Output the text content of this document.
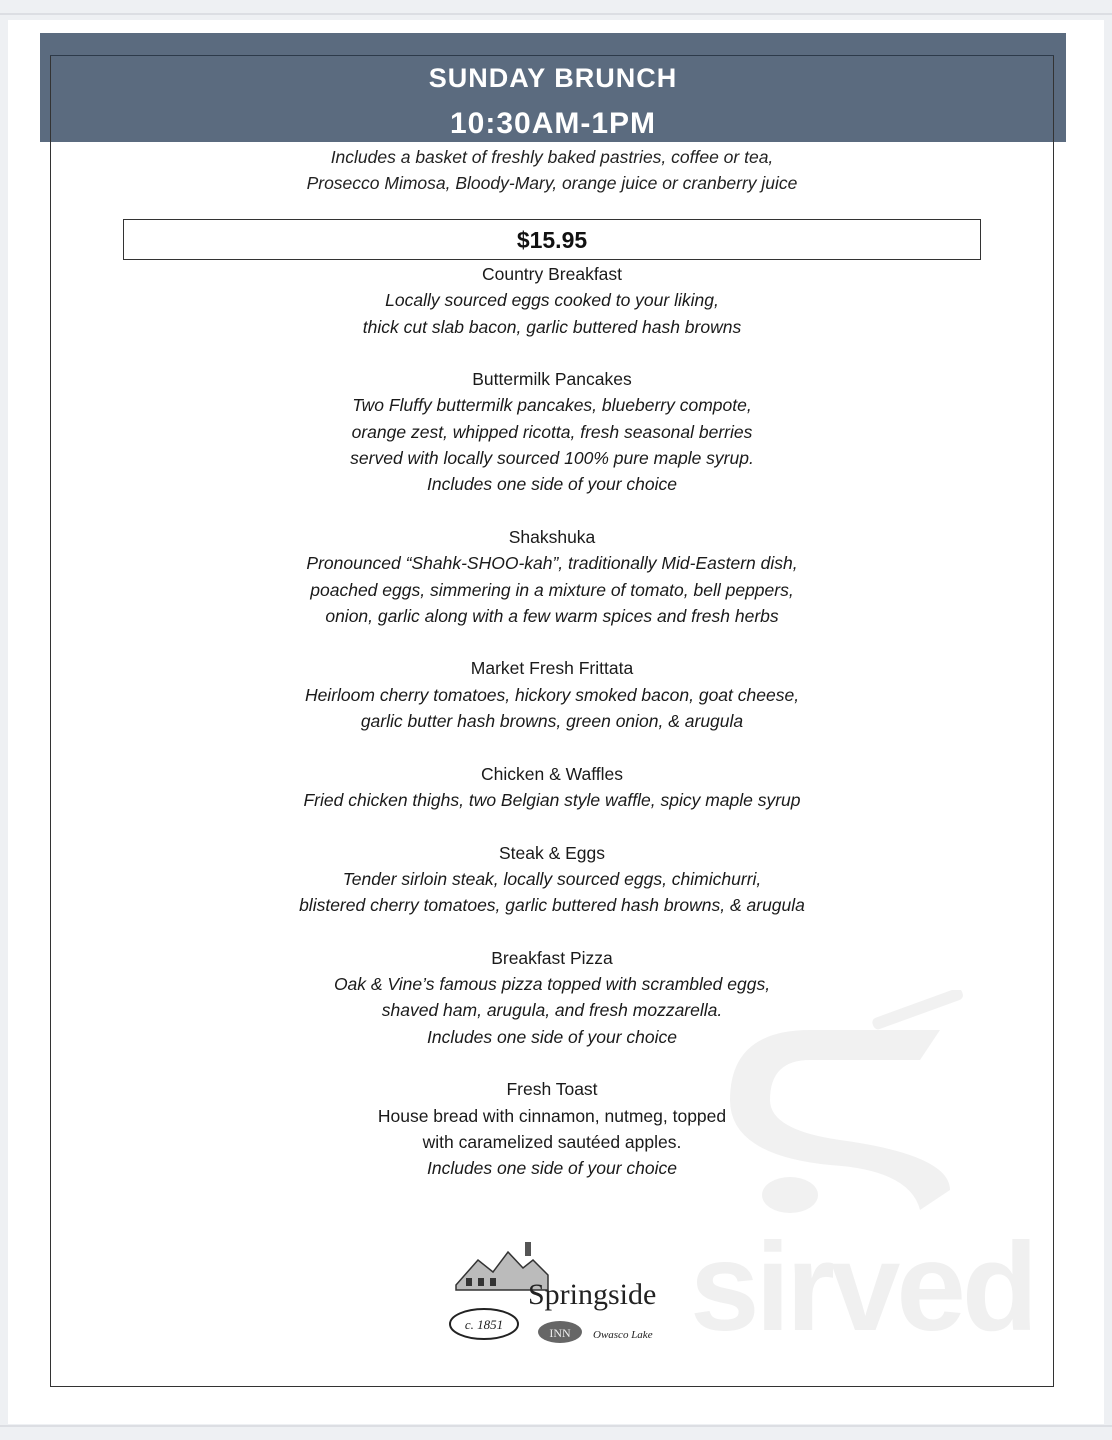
sirved
SUNDAY BRUNCH
10:30AM-1PM
Includes a basket of freshly baked pastries, coffee or tea,
Prosecco Mimosa, Bloody-Mary, orange juice or cranberry juice
$15.95
Country Breakfast
Locally sourced eggs cooked to your liking,
thick cut slab bacon, garlic buttered hash browns
Buttermilk Pancakes
Two Fluffy buttermilk pancakes, blueberry compote,
orange zest, whipped ricotta, fresh seasonal berries
served with locally sourced 100% pure maple syrup.
Includes one side of your choice
Shakshuka
Pronounced “Shahk-SHOO-kah”, traditionally Mid-Eastern dish,
poached eggs, simmering in a mixture of tomato, bell peppers,
onion, garlic along with a few warm spices and fresh herbs
Market Fresh Frittata
Heirloom cherry tomatoes, hickory smoked bacon, goat cheese,
garlic butter hash browns, green onion, & arugula
Chicken & Waffles
Fried chicken thighs, two Belgian style waffle, spicy maple syrup
Steak & Eggs
Tender sirloin steak, locally sourced eggs, chimichurri,
blistered cherry tomatoes, garlic buttered hash browns, & arugula
Breakfast Pizza
Oak & Vine’s famous pizza topped with scrambled eggs,
shaved ham, arugula, and fresh mozzarella.
Includes one side of your choice
Fresh Toast
House bread with cinnamon, nutmeg, topped
with caramelized sautéed apples.
Includes one side of your choice
c. 1851
Springside
INN Owasco Lake
